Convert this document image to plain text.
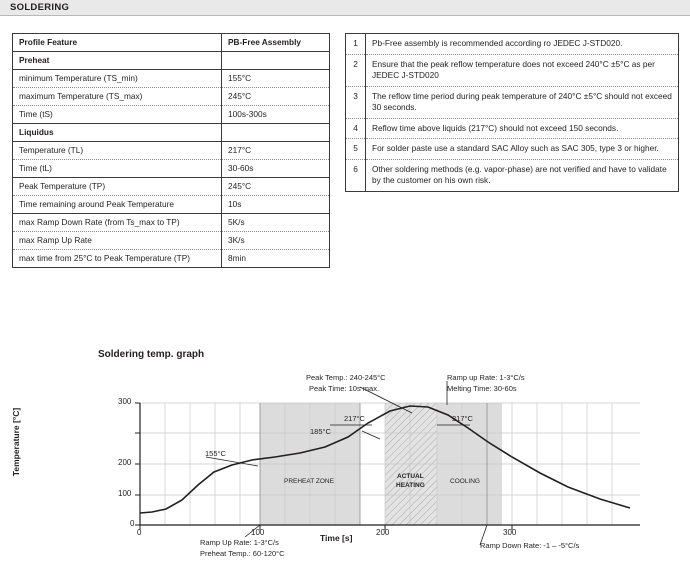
SOLDERING
Profile Feature	PB-Free Assembly
Preheat	
minimum Temperature (TS_min)	155°C
maximum Temperature (TS_max)	245°C
Time (tS)	100s-300s
Liquidus	
Temperature (TL)	217°C
Time (tL)	30-60s
Peak Temperature (TP)	245°C
Time remaining around Peak Temperature	10s
max Ramp Down Rate (from Ts_max to TP)	5K/s
max Ramp Up Rate	3K/s
max time from 25°C to Peak Temperature (TP)	8min
1	Pb-Free assembly is recommended according ro JEDEC J-STD020.
2	Ensure that the peak reflow temperature does not exceed 240°C ±5°C as per JEDEC J-STD020
3	The reflow time period during peak temperature of 240°C ±5°C should not exceed 30 seconds.
4	Reflow time above liquids (217°C) should not exceed 150 seconds.
5	For solder paste use a standard SAC Alloy such as SAC 305, type 3 or higher.
6	Other soldering methods (e.g. vapor-phase) are not verified and have to validate by the customer on his own risk.
Soldering temp. graph
Temperature [°C]
Time [s]
300
200
100
0
0	100	200	300
PREHEAT ZONE
ACTUAL
HEATING
COOLING
Peak Temp.: 240-245°C
Peak Time: 10s max.
Ramp up Rate: 1-3°C/s
Melting Time: 30-60s
217°C	217°C
185°C
155°C
Ramp Up Rate: 1-3°C/s
Preheat Temp.: 60-120°C
Ramp Down Rate: -1 – -5°C/s
